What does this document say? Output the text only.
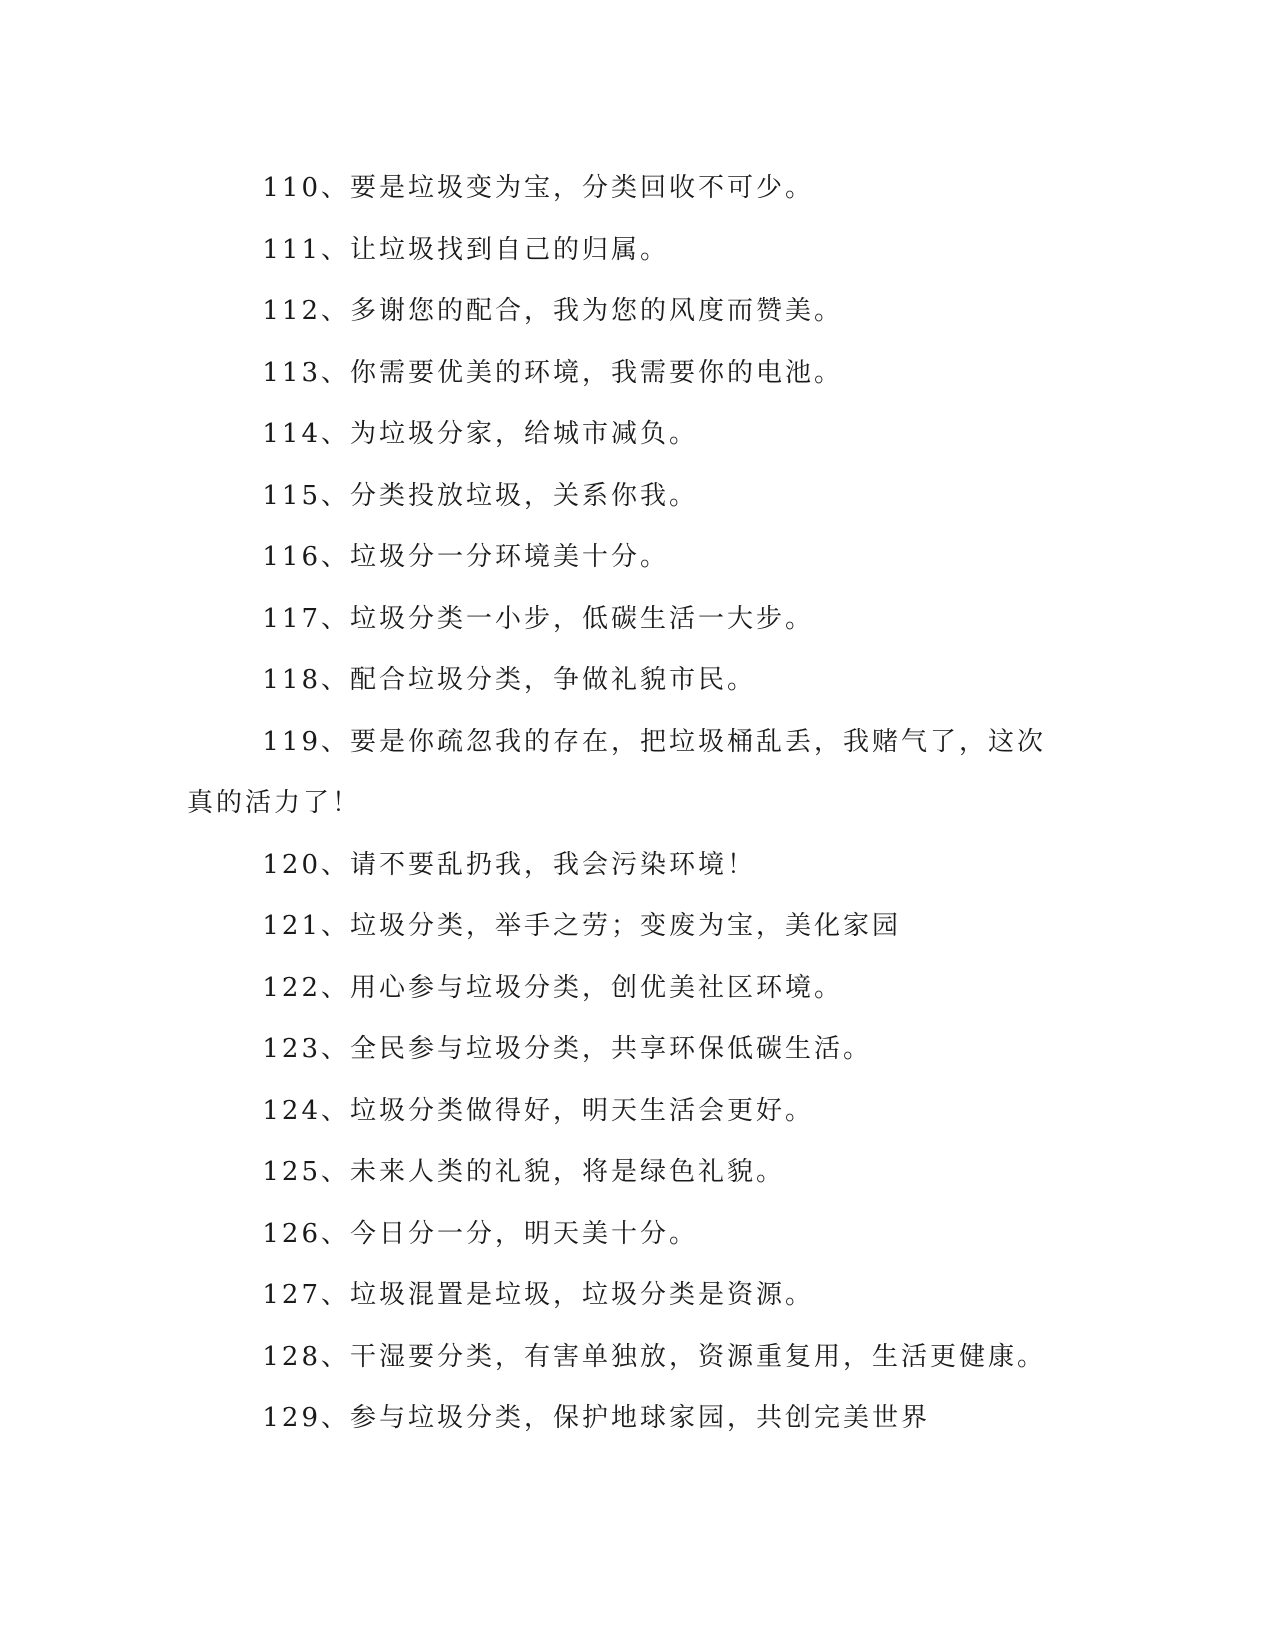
110、要是垃圾变为宝，分类回收不可少。

111、让垃圾找到自己的归属。

112、多谢您的配合，我为您的风度而赞美。

113、你需要优美的环境，我需要你的电池。

114、为垃圾分家，给城市减负。

115、分类投放垃圾，关系你我。

116、垃圾分一分环境美十分。

117、垃圾分类一小步，低碳生活一大步。

118、配合垃圾分类，争做礼貌市民。

119、要是你疏忽我的存在，把垃圾桶乱丢，我赌气了，这次真的活力了！

120、请不要乱扔我，我会污染环境！

121、垃圾分类，举手之劳；变废为宝，美化家园

122、用心参与垃圾分类，创优美社区环境。

123、全民参与垃圾分类，共享环保低碳生活。

124、垃圾分类做得好，明天生活会更好。

125、未来人类的礼貌，将是绿色礼貌。

126、今日分一分，明天美十分。

127、垃圾混置是垃圾，垃圾分类是资源。

128、干湿要分类，有害单独放，资源重复用，生活更健康。

129、参与垃圾分类，保护地球家园，共创完美世界
